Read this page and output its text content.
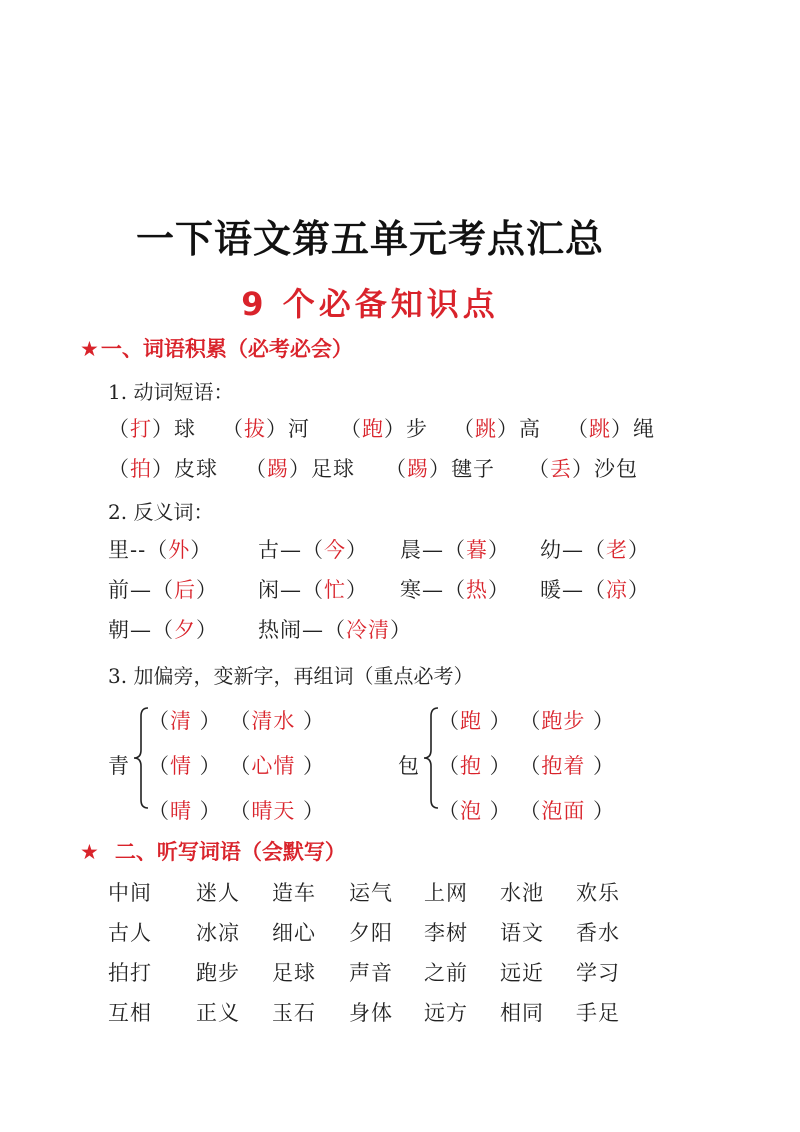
一下语文第五单元考点汇总
9 个必备知识点
★一、词语积累（必考必会）
1. 动词短语：
（打）球 （拔）河 （跑）步 （跳）高 （跳）绳
（拍）皮球 （踢）足球 （踢）毽子 （丢）沙包
2. 反义词：
里--（外） 古—（今） 晨—（暮） 幼—（老）
前—（后） 闲—（忙） 寒—（热） 暖—（凉）
朝—（夕） 热闹—（冷清）
3. 加偏旁，变新字，再组词（重点必考）
青
（清 ） （清水 ）
（情 ） （心情 ）
（晴 ） （晴天 ）
包
（跑 ） （跑步 ）
（抱 ） （抱着 ）
（泡 ） （泡面 ）
★ 二、听写词语（会默写）
中间 迷人 造车 运气 上网 水池 欢乐
古人 冰凉 细心 夕阳 李树 语文 香水
拍打 跑步 足球 声音 之前 远近 学习
互相 正义 玉石 身体 远方 相同 手足
